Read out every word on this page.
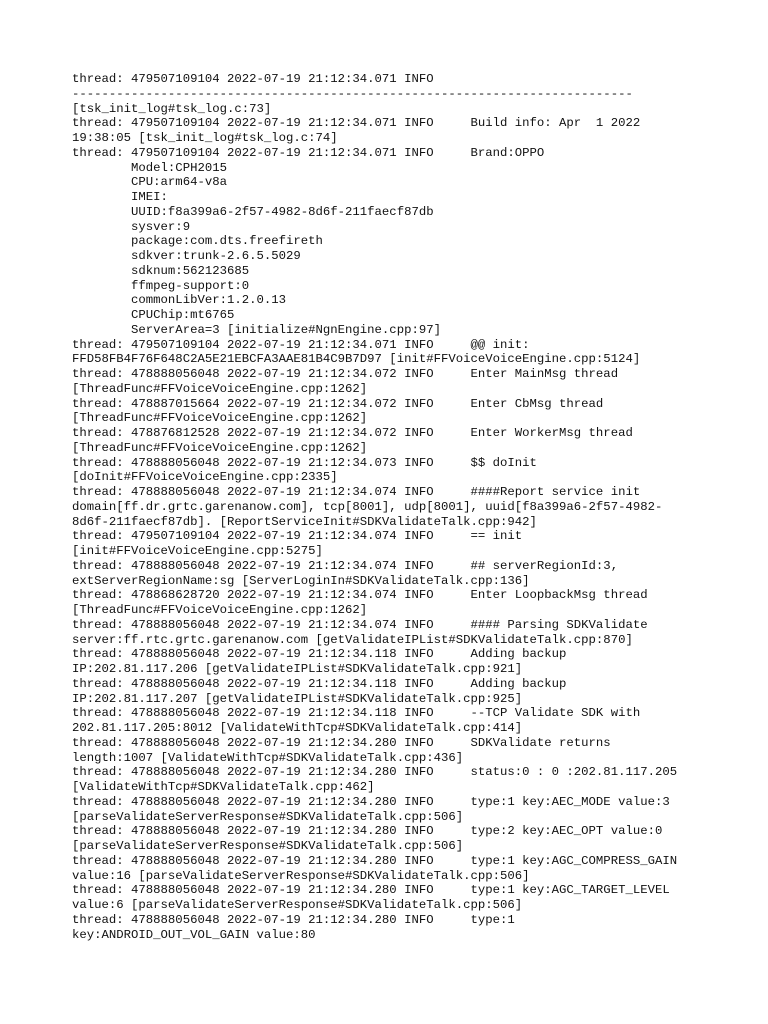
thread: 479507109104 2022-07-19 21:12:34.071 INFO
----------------------------------------------------------------------------
[tsk_init_log#tsk_log.c:73]
thread: 479507109104 2022-07-19 21:12:34.071 INFO     Build info: Apr  1 2022
19:38:05 [tsk_init_log#tsk_log.c:74]
thread: 479507109104 2022-07-19 21:12:34.071 INFO     Brand:OPPO
Model:CPH2015
CPU:arm64-v8a
IMEI:
UUID:f8a399a6-2f57-4982-8d6f-211faecf87db
sysver:9
package:com.dts.freefireth
sdkver:trunk-2.6.5.5029
sdknum:562123685
ffmpeg-support:0
commonLibVer:1.2.0.13
CPUChip:mt6765
ServerArea=3 [initialize#NgnEngine.cpp:97]
thread: 479507109104 2022-07-19 21:12:34.071 INFO     @@ init:
FFD58FB4F76F648C2A5E21EBCFA3AAE81B4C9B7D97 [init#FFVoiceVoiceEngine.cpp:5124]
thread: 478888056048 2022-07-19 21:12:34.072 INFO     Enter MainMsg thread
[ThreadFunc#FFVoiceVoiceEngine.cpp:1262]
thread: 478887015664 2022-07-19 21:12:34.072 INFO     Enter CbMsg thread
[ThreadFunc#FFVoiceVoiceEngine.cpp:1262]
thread: 478876812528 2022-07-19 21:12:34.072 INFO     Enter WorkerMsg thread
[ThreadFunc#FFVoiceVoiceEngine.cpp:1262]
thread: 478888056048 2022-07-19 21:12:34.073 INFO     $$ doInit
[doInit#FFVoiceVoiceEngine.cpp:2335]
thread: 478888056048 2022-07-19 21:12:34.074 INFO     ####Report service init
domain[ff.dr.grtc.garenanow.com], tcp[8001], udp[8001], uuid[f8a399a6-2f57-4982-
8d6f-211faecf87db]. [ReportServiceInit#SDKValidateTalk.cpp:942]
thread: 479507109104 2022-07-19 21:12:34.074 INFO     == init
[init#FFVoiceVoiceEngine.cpp:5275]
thread: 478888056048 2022-07-19 21:12:34.074 INFO     ## serverRegionId:3,
extServerRegionName:sg [ServerLoginIn#SDKValidateTalk.cpp:136]
thread: 478868628720 2022-07-19 21:12:34.074 INFO     Enter LoopbackMsg thread
[ThreadFunc#FFVoiceVoiceEngine.cpp:1262]
thread: 478888056048 2022-07-19 21:12:34.074 INFO     #### Parsing SDKValidate
server:ff.rtc.grtc.garenanow.com [getValidateIPList#SDKValidateTalk.cpp:870]
thread: 478888056048 2022-07-19 21:12:34.118 INFO     Adding backup
IP:202.81.117.206 [getValidateIPList#SDKValidateTalk.cpp:921]
thread: 478888056048 2022-07-19 21:12:34.118 INFO     Adding backup
IP:202.81.117.207 [getValidateIPList#SDKValidateTalk.cpp:925]
thread: 478888056048 2022-07-19 21:12:34.118 INFO     --TCP Validate SDK with
202.81.117.205:8012 [ValidateWithTcp#SDKValidateTalk.cpp:414]
thread: 478888056048 2022-07-19 21:12:34.280 INFO     SDKValidate returns
length:1007 [ValidateWithTcp#SDKValidateTalk.cpp:436]
thread: 478888056048 2022-07-19 21:12:34.280 INFO     status:0 : 0 :202.81.117.205
[ValidateWithTcp#SDKValidateTalk.cpp:462]
thread: 478888056048 2022-07-19 21:12:34.280 INFO     type:1 key:AEC_MODE value:3
[parseValidateServerResponse#SDKValidateTalk.cpp:506]
thread: 478888056048 2022-07-19 21:12:34.280 INFO     type:2 key:AEC_OPT value:0
[parseValidateServerResponse#SDKValidateTalk.cpp:506]
thread: 478888056048 2022-07-19 21:12:34.280 INFO     type:1 key:AGC_COMPRESS_GAIN
value:16 [parseValidateServerResponse#SDKValidateTalk.cpp:506]
thread: 478888056048 2022-07-19 21:12:34.280 INFO     type:1 key:AGC_TARGET_LEVEL
value:6 [parseValidateServerResponse#SDKValidateTalk.cpp:506]
thread: 478888056048 2022-07-19 21:12:34.280 INFO     type:1
key:ANDROID_OUT_VOL_GAIN value:80
